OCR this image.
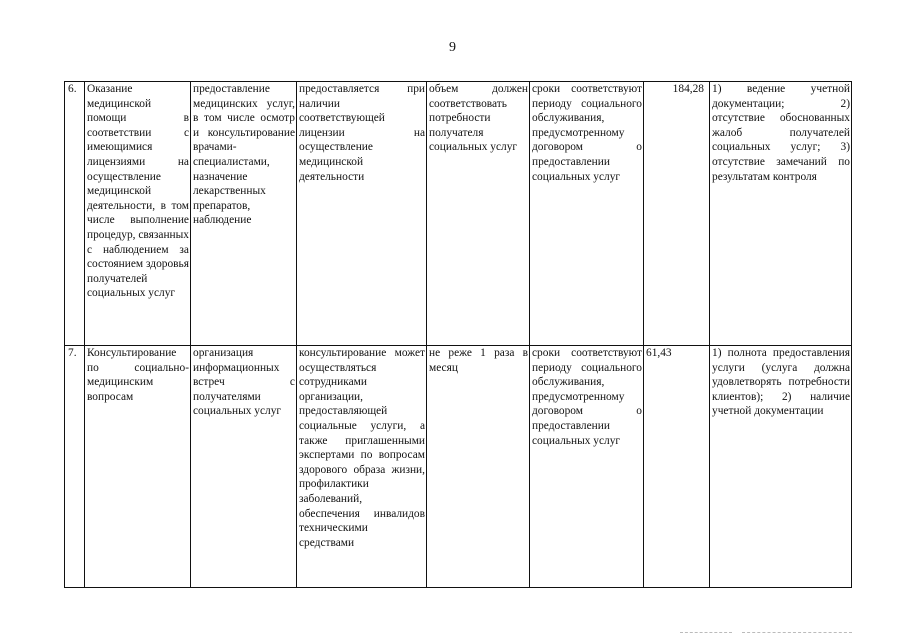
9
6.	Оказание медицинской помощи в соответствии с имеющимися лицензиями на осуществление медицинской деятельности, в том числе выполнение процедур, связанных с наблюдением за состоянием здоровья получателей социальных услуг	предоставление медицинских услуг, в том числе осмотр и консультирование врачами-специалистами, назначение лекарственных препаратов, наблюдение	предоставляется при наличии соответствующей лицензии на осуществление медицинской деятельности	объем должен соответствовать потребности получателя социальных услуг	сроки соответствуют периоду социального обслуживания, предусмотренному договором о предоставлении социальных услуг	184,28	1) ведение учетной документации; 2) отсутствие обоснованных жалоб получателей социальных услуг; 3) отсутствие замечаний по результатам контроля
7.	Консультирование по социально-медицинским вопросам	организация информационных встреч с получателями социальных услуг	консультирование может осуществляться сотрудниками организации, предоставляющей социальные услуги, а также приглашенными экспертами по вопросам здорового образа жизни, профилактики заболеваний, обеспечения инвалидов техническими средствами	не реже 1 раза в месяц	сроки соответствуют периоду социального обслуживания, предусмотренному договором о предоставлении социальных услуг	61,43	1) полнота предоставления услуги (услуга должна удовлетворять потребности клиентов); 2) наличие учетной документации
